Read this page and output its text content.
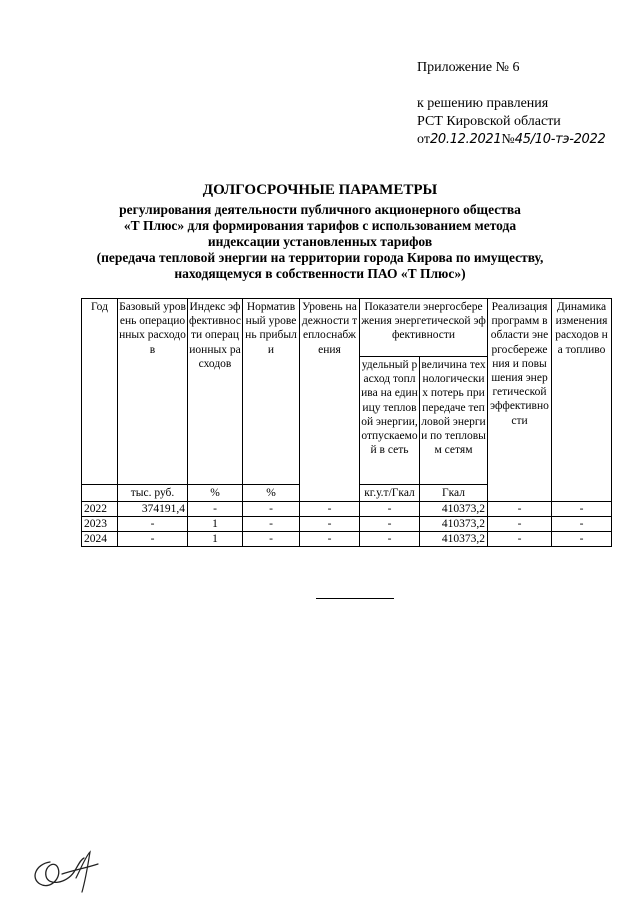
Приложение № 6
к решению правления
РСТ Кировской области
от20.12.2021№45/10-тэ-2022
ДОЛГОСРОЧНЫЕ ПАРАМЕТРЫ
регулирования деятельности публичного акционерного общества
«Т Плюс» для формирования тарифов с использованием метода
индексации установленных тарифов
(передача тепловой энергии на территории города Кирова по имуществу,
находящемуся в собственности ПАО «Т Плюс»)
Год	Базовый уровень операционных расходов	Индекс эффективности операционных расходов	Нормативный уровень прибыли	Уровень надежности теплоснабжения	Показатели энергосбережения энергетической эффективности		Реализация программ в области энергосбережения и повышения энергетической эффективности	Динамика изменения расходов на топливо
					удельный расход топлива на единицу тепловой энергии, отпускаемой в сеть	величина технологических потерь при передаче тепловой энергии по тепловым сетям		
	тыс. руб.	%	%		кг.у.т/Гкал	Гкал		
2022	374191,4	-	-	-	-	410373,2	-	-
2023	-	1	-	-	-	410373,2	-	-
2024	-	1	-	-	-	410373,2	-	-
